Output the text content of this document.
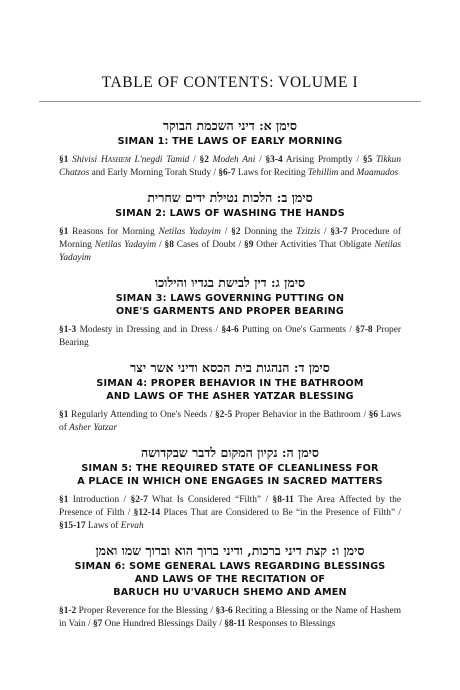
TABLE OF CONTENTS: VOLUME I
סימן א: דיני השכמת הבוקר
SIMAN 1: THE LAWS OF EARLY MORNING
§1 Shivisi Hashem L'negdi Tamid / §2 Modeh Ani / §3-4 Arising Promptly / §5 Tikkun Chatzos and Early Morning Torah Study / §6-7 Laws for Reciting Tehillim and Maamados
סימן ב: הלכות נטילת ידים שחרית
SIMAN 2: LAWS OF WASHING THE HANDS
§1 Reasons for Morning Netilas Yadayim / §2 Donning the Tzitzis / §3-7 Procedure of Morning Netilas Yadayim / §8 Cases of Doubt / §9 Other Activities That Obligate Netilas Yadayim
סימן ג: דין לבישת בגדיו והילוכו
SIMAN 3: LAWS GOVERNING PUTTING ON
ONE'S GARMENTS AND PROPER BEARING
§1-3 Modesty in Dressing and in Dress / §4-6 Putting on One's Garments / §7-8 Proper Bearing
סימן ד: הנהגות בית הכסא ודיני אשר יצר
SIMAN 4: PROPER BEHAVIOR IN THE BATHROOM
AND LAWS OF THE ASHER YATZAR BLESSING
§1 Regularly Attending to One's Needs / §2-5 Proper Behavior in the Bathroom / §6 Laws of Asher Yatzar
סימן ה: נקיון המקום לדבר שבקדושה
SIMAN 5: THE REQUIRED STATE OF CLEANLINESS FOR
A PLACE IN WHICH ONE ENGAGES IN SACRED MATTERS
§1 Introduction / §2-7 What Is Considered “Filth” / §8-11 The Area Affected by the Presence of Filth / §12-14 Places That are Considered to Be “in the Presence of Filth” / §15-17 Laws of Ervah
סימן ו: קצת דיני ברכות, ודיני ברוך הוא וברוך שמו ואמן
SIMAN 6: SOME GENERAL LAWS REGARDING BLESSINGS
AND LAWS OF THE RECITATION OF
BARUCH HU U'VARUCH SHEMO AND AMEN
§1-2 Proper Reverence for the Blessing / §3-6 Reciting a Blessing or the Name of Hashem in Vain / §7 One Hundred Blessings Daily / §8-11 Responses to Blessings
